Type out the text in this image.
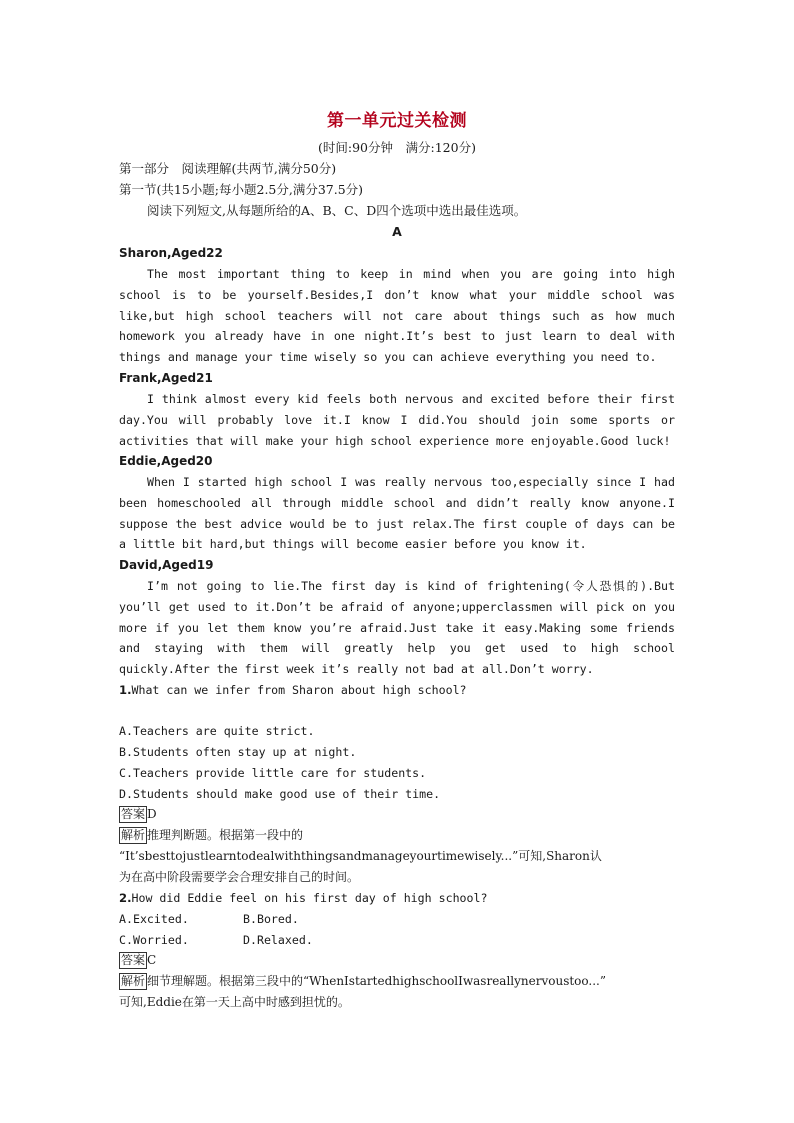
第一单元过关检测
(时间:90分钟　满分:120分)
第一部分　阅读理解(共两节,满分50分)
第一节(共15小题;每小题2.5分,满分37.5分)
阅读下列短文,从每题所给的A、B、C、D四个选项中选出最佳选项。
A
Sharon,Aged22
The most important thing to keep in mind when you are going into high school is to be yourself.Besides,I don’t know what your middle school was like,but high school teachers will not care about things such as how much homework you already have in one night.It’s best to just learn to deal with things and manage your time wisely so you can achieve everything you need to.
Frank,Aged21
I think almost every kid feels both nervous and excited before their first day.You will probably love it.I know I did.You should join some sports or activities that will make your high school experience more enjoyable.Good luck!
Eddie,Aged20
When I started high school I was really nervous too,especially since I had been homeschooled all through middle school and didn’t really know anyone.I suppose the best advice would be to just relax.The first couple of days can be a little bit hard,but things will become easier before you know it.
David,Aged19
I’m not going to lie.The first day is kind of frightening(令人恐惧的).But you’ll get used to it.Don’t be afraid of anyone;upperclassmen will pick on you more if you let them know you’re afraid.Just take it easy.Making some friends and staying with them will greatly help you get used to high school quickly.After the first week it’s really not bad at all.Don’t worry.
1.What can we infer from Sharon about high school?
A.Teachers are quite strict.
B.Students often stay up at night.
C.Teachers provide little care for students.
D.Students should make good use of their time.
答案 D
解析 推理判断题。根据第一段中的
“It’sbesttojustlearntodealwiththingsandmanageyourtimewisely...”可知,Sharon认
为在高中阶段需要学会合理安排自己的时间。
2.How did Eddie feel on his first day of high school?
A.Excited.	B.Bored.
C.Worried.	D.Relaxed.
答案 C
解析 细节理解题。根据第三段中的“WhenIstartedhighschoolIwasreallynervoustoo...”
可知,Eddie在第一天上高中时感到担忧的。
